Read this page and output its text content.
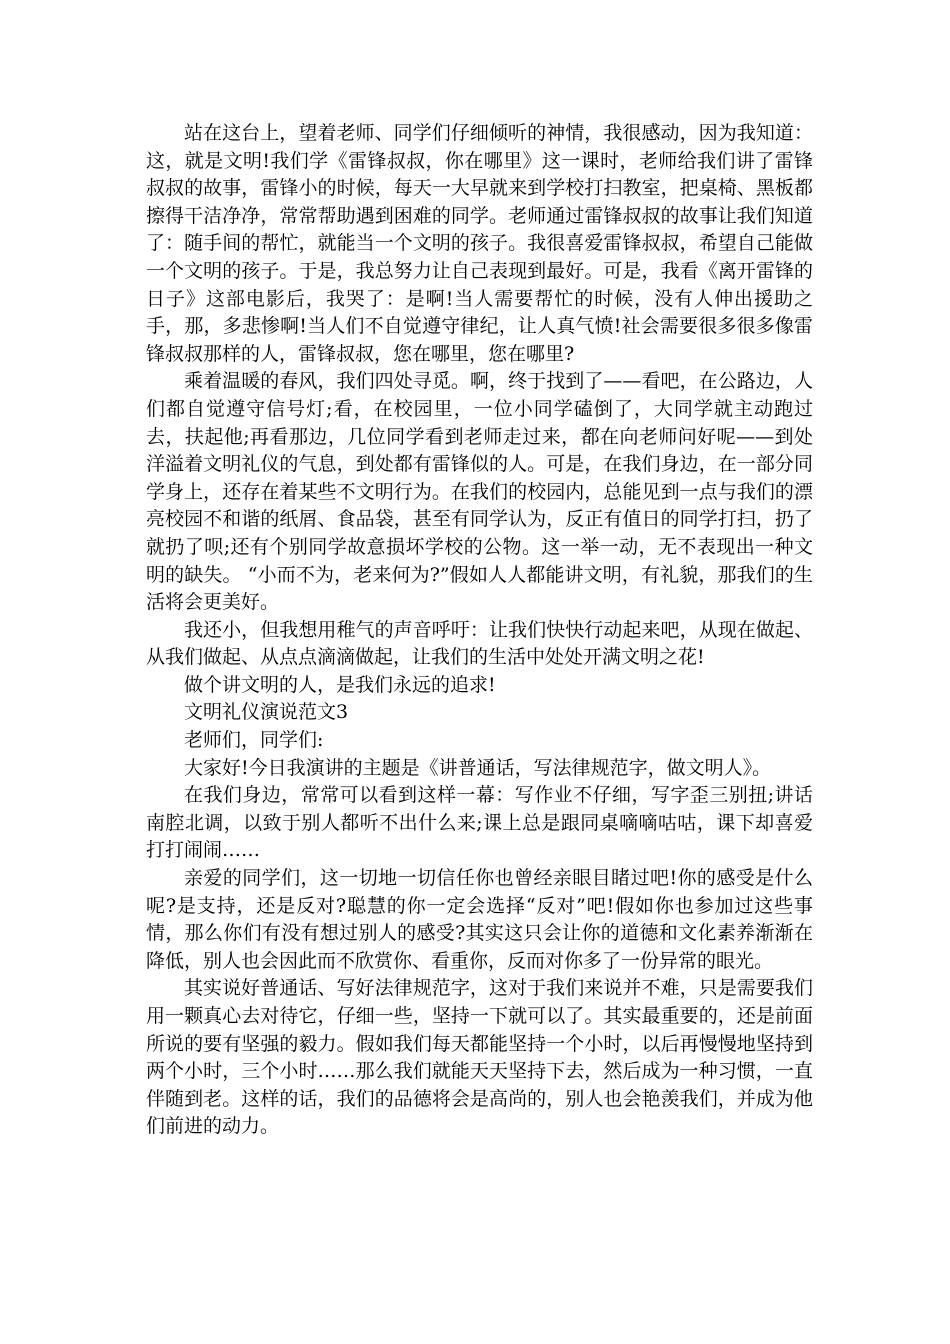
站在这台上，望着老师、同学们仔细倾听的神情，我很感动，因为我知道：这，就是文明!我们学《雷锋叔叔，你在哪里》这一课时，老师给我们讲了雷锋叔叔的故事，雷锋小的时候，每天一大早就来到学校打扫教室，把桌椅、黑板都擦得干洁净净，常常帮助遇到困难的同学。老师通过雷锋叔叔的故事让我们知道了：随手间的帮忙，就能当一个文明的孩子。我很喜爱雷锋叔叔，希望自己能做一个文明的孩子。于是，我总努力让自己表现到最好。可是，我看《离开雷锋的日子》这部电影后，我哭了：是啊!当人需要帮忙的时候，没有人伸出援助之手，那，多悲惨啊!当人们不自觉遵守律纪，让人真气愤!社会需要很多很多像雷锋叔叔那样的人，雷锋叔叔，您在哪里，您在哪里?

乘着温暖的春风，我们四处寻觅。啊，终于找到了——看吧，在公路边，人们都自觉遵守信号灯;看，在校园里，一位小同学磕倒了，大同学就主动跑过去，扶起他;再看那边，几位同学看到老师走过来，都在向老师问好呢——到处洋溢着文明礼仪的气息，到处都有雷锋似的人。可是，在我们身边，在一部分同学身上，还存在着某些不文明行为。在我们的校园内，总能见到一点与我们的漂亮校园不和谐的纸屑、食品袋，甚至有同学认为，反正有值日的同学打扫，扔了就扔了呗;还有个别同学故意损坏学校的公物。这一举一动，无不表现出一种文明的缺失。 “小而不为，老来何为?”假如人人都能讲文明，有礼貌，那我们的生活将会更美好。

我还小，但我想用稚气的声音呼吁：让我们快快行动起来吧，从现在做起、从我们做起、从点点滴滴做起，让我们的生活中处处开满文明之花!

做个讲文明的人，是我们永远的追求!

文明礼仪演说范文3

老师们，同学们:

大家好!今日我演讲的主题是《讲普通话，写法律规范字，做文明人》。

在我们身边，常常可以看到这样一幕：写作业不仔细，写字歪三别扭;讲话南腔北调，以致于别人都听不出什么来;课上总是跟同桌嘀嘀咕咕，课下却喜爱打打闹闹……

亲爱的同学们，这一切地一切信任你也曾经亲眼目睹过吧!你的感受是什么呢?是支持，还是反对?聪慧的你一定会选择“反对”吧!假如你也参加过这些事情，那么你们有没有想过别人的感受?其实这只会让你的道德和文化素养渐渐在降低，别人也会因此而不欣赏你、看重你，反而对你多了一份异常的眼光。

其实说好普通话、写好法律规范字，这对于我们来说并不难，只是需要我们用一颗真心去对待它，仔细一些，坚持一下就可以了。其实最重要的，还是前面所说的要有坚强的毅力。假如我们每天都能坚持一个小时，以后再慢慢地坚持到两个小时，三个小时……那么我们就能天天坚持下去，然后成为一种习惯，一直伴随到老。这样的话，我们的品德将会是高尚的，别人也会艳羡我们，并成为他们前进的动力。
